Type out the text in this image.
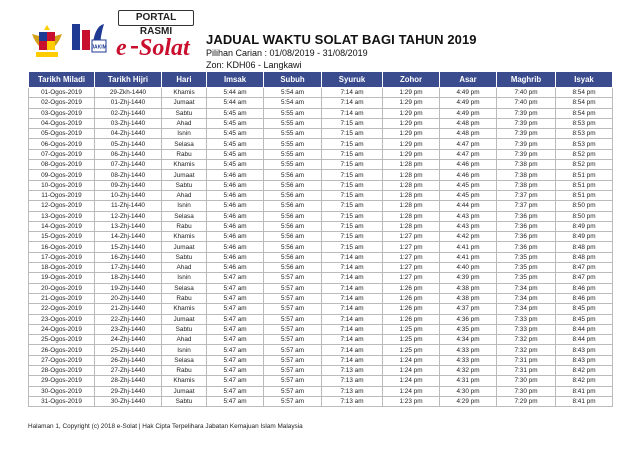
JAKIM
PORTAL RASMI
e Solat JADUAL WAKTU SOLAT BAGI TAHUN 2019
Pilihan Carian : 01/08/2019 - 31/08/2019
Zon: KDH06 - Langkawi
Tarikh Miladi	Tarikh Hijri	Hari	Imsak	Subuh	Syuruk	Zohor	Asar	Maghrib	Isyak
01-Ogos-2019	29-Zkh-1440	Khamis	5:44 am	5:54 am	7:14 am	1:29 pm	4:49 pm	7:40 pm	8:54 pm
02-Ogos-2019	01-Zhj-1440	Jumaat	5:44 am	5:54 am	7:14 am	1:29 pm	4:49 pm	7:40 pm	8:54 pm
03-Ogos-2019	02-Zhj-1440	Sabtu	5:45 am	5:55 am	7:14 am	1:29 pm	4:49 pm	7:39 pm	8:54 pm
04-Ogos-2019	03-Zhj-1440	Ahad	5:45 am	5:55 am	7:15 am	1:29 pm	4:48 pm	7:39 pm	8:53 pm
05-Ogos-2019	04-Zhj-1440	Isnin	5:45 am	5:55 am	7:15 am	1:29 pm	4:48 pm	7:39 pm	8:53 pm
06-Ogos-2019	05-Zhj-1440	Selasa	5:45 am	5:55 am	7:15 am	1:29 pm	4:47 pm	7:39 pm	8:53 pm
07-Ogos-2019	06-Zhj-1440	Rabu	5:45 am	5:55 am	7:15 am	1:29 pm	4:47 pm	7:39 pm	8:52 pm
08-Ogos-2019	07-Zhj-1440	Khamis	5:45 am	5:55 am	7:15 am	1:28 pm	4:46 pm	7:38 pm	8:52 pm
09-Ogos-2019	08-Zhj-1440	Jumaat	5:46 am	5:56 am	7:15 am	1:28 pm	4:46 pm	7:38 pm	8:51 pm
10-Ogos-2019	09-Zhj-1440	Sabtu	5:46 am	5:56 am	7:15 am	1:28 pm	4:45 pm	7:38 pm	8:51 pm
11-Ogos-2019	10-Zhj-1440	Ahad	5:46 am	5:56 am	7:15 am	1:28 pm	4:45 pm	7:37 pm	8:51 pm
12-Ogos-2019	11-Zhj-1440	Isnin	5:46 am	5:56 am	7:15 am	1:28 pm	4:44 pm	7:37 pm	8:50 pm
13-Ogos-2019	12-Zhj-1440	Selasa	5:46 am	5:56 am	7:15 am	1:28 pm	4:43 pm	7:36 pm	8:50 pm
14-Ogos-2019	13-Zhj-1440	Rabu	5:46 am	5:56 am	7:15 am	1:28 pm	4:43 pm	7:36 pm	8:49 pm
15-Ogos-2019	14-Zhj-1440	Khamis	5:46 am	5:56 am	7:15 am	1:27 pm	4:42 pm	7:36 pm	8:49 pm
16-Ogos-2019	15-Zhj-1440	Jumaat	5:46 am	5:56 am	7:15 am	1:27 pm	4:41 pm	7:36 pm	8:48 pm
17-Ogos-2019	16-Zhj-1440	Sabtu	5:46 am	5:56 am	7:14 am	1:27 pm	4:41 pm	7:35 pm	8:48 pm
18-Ogos-2019	17-Zhj-1440	Ahad	5:46 am	5:56 am	7:14 am	1:27 pm	4:40 pm	7:35 pm	8:47 pm
19-Ogos-2019	18-Zhj-1440	Isnin	5:47 am	5:57 am	7:14 am	1:27 pm	4:39 pm	7:35 pm	8:47 pm
20-Ogos-2019	19-Zhj-1440	Selasa	5:47 am	5:57 am	7:14 am	1:26 pm	4:38 pm	7:34 pm	8:46 pm
21-Ogos-2019	20-Zhj-1440	Rabu	5:47 am	5:57 am	7:14 am	1:26 pm	4:38 pm	7:34 pm	8:46 pm
22-Ogos-2019	21-Zhj-1440	Khamis	5:47 am	5:57 am	7:14 am	1:26 pm	4:37 pm	7:34 pm	8:45 pm
23-Ogos-2019	22-Zhj-1440	Jumaat	5:47 am	5:57 am	7:14 am	1:26 pm	4:36 pm	7:33 pm	8:45 pm
24-Ogos-2019	23-Zhj-1440	Sabtu	5:47 am	5:57 am	7:14 am	1:25 pm	4:35 pm	7:33 pm	8:44 pm
25-Ogos-2019	24-Zhj-1440	Ahad	5:47 am	5:57 am	7:14 am	1:25 pm	4:34 pm	7:32 pm	8:44 pm
26-Ogos-2019	25-Zhj-1440	Isnin	5:47 am	5:57 am	7:14 am	1:25 pm	4:33 pm	7:32 pm	8:43 pm
27-Ogos-2019	26-Zhj-1440	Selasa	5:47 am	5:57 am	7:14 am	1:24 pm	4:33 pm	7:31 pm	8:43 pm
28-Ogos-2019	27-Zhj-1440	Rabu	5:47 am	5:57 am	7:13 am	1:24 pm	4:32 pm	7:31 pm	8:42 pm
29-Ogos-2019	28-Zhj-1440	Khamis	5:47 am	5:57 am	7:13 am	1:24 pm	4:31 pm	7:30 pm	8:42 pm
30-Ogos-2019	29-Zhj-1440	Jumaat	5:47 am	5:57 am	7:13 am	1:24 pm	4:30 pm	7:30 pm	8:41 pm
31-Ogos-2019	30-Zhj-1440	Sabtu	5:47 am	5:57 am	7:13 am	1:23 pm	4:29 pm	7:29 pm	8:41 pm
Halaman 1, Copyright (c) 2018 e-Solat | Hak Cipta Terpelihara Jabatan Kemajuan Islam Malaysia
